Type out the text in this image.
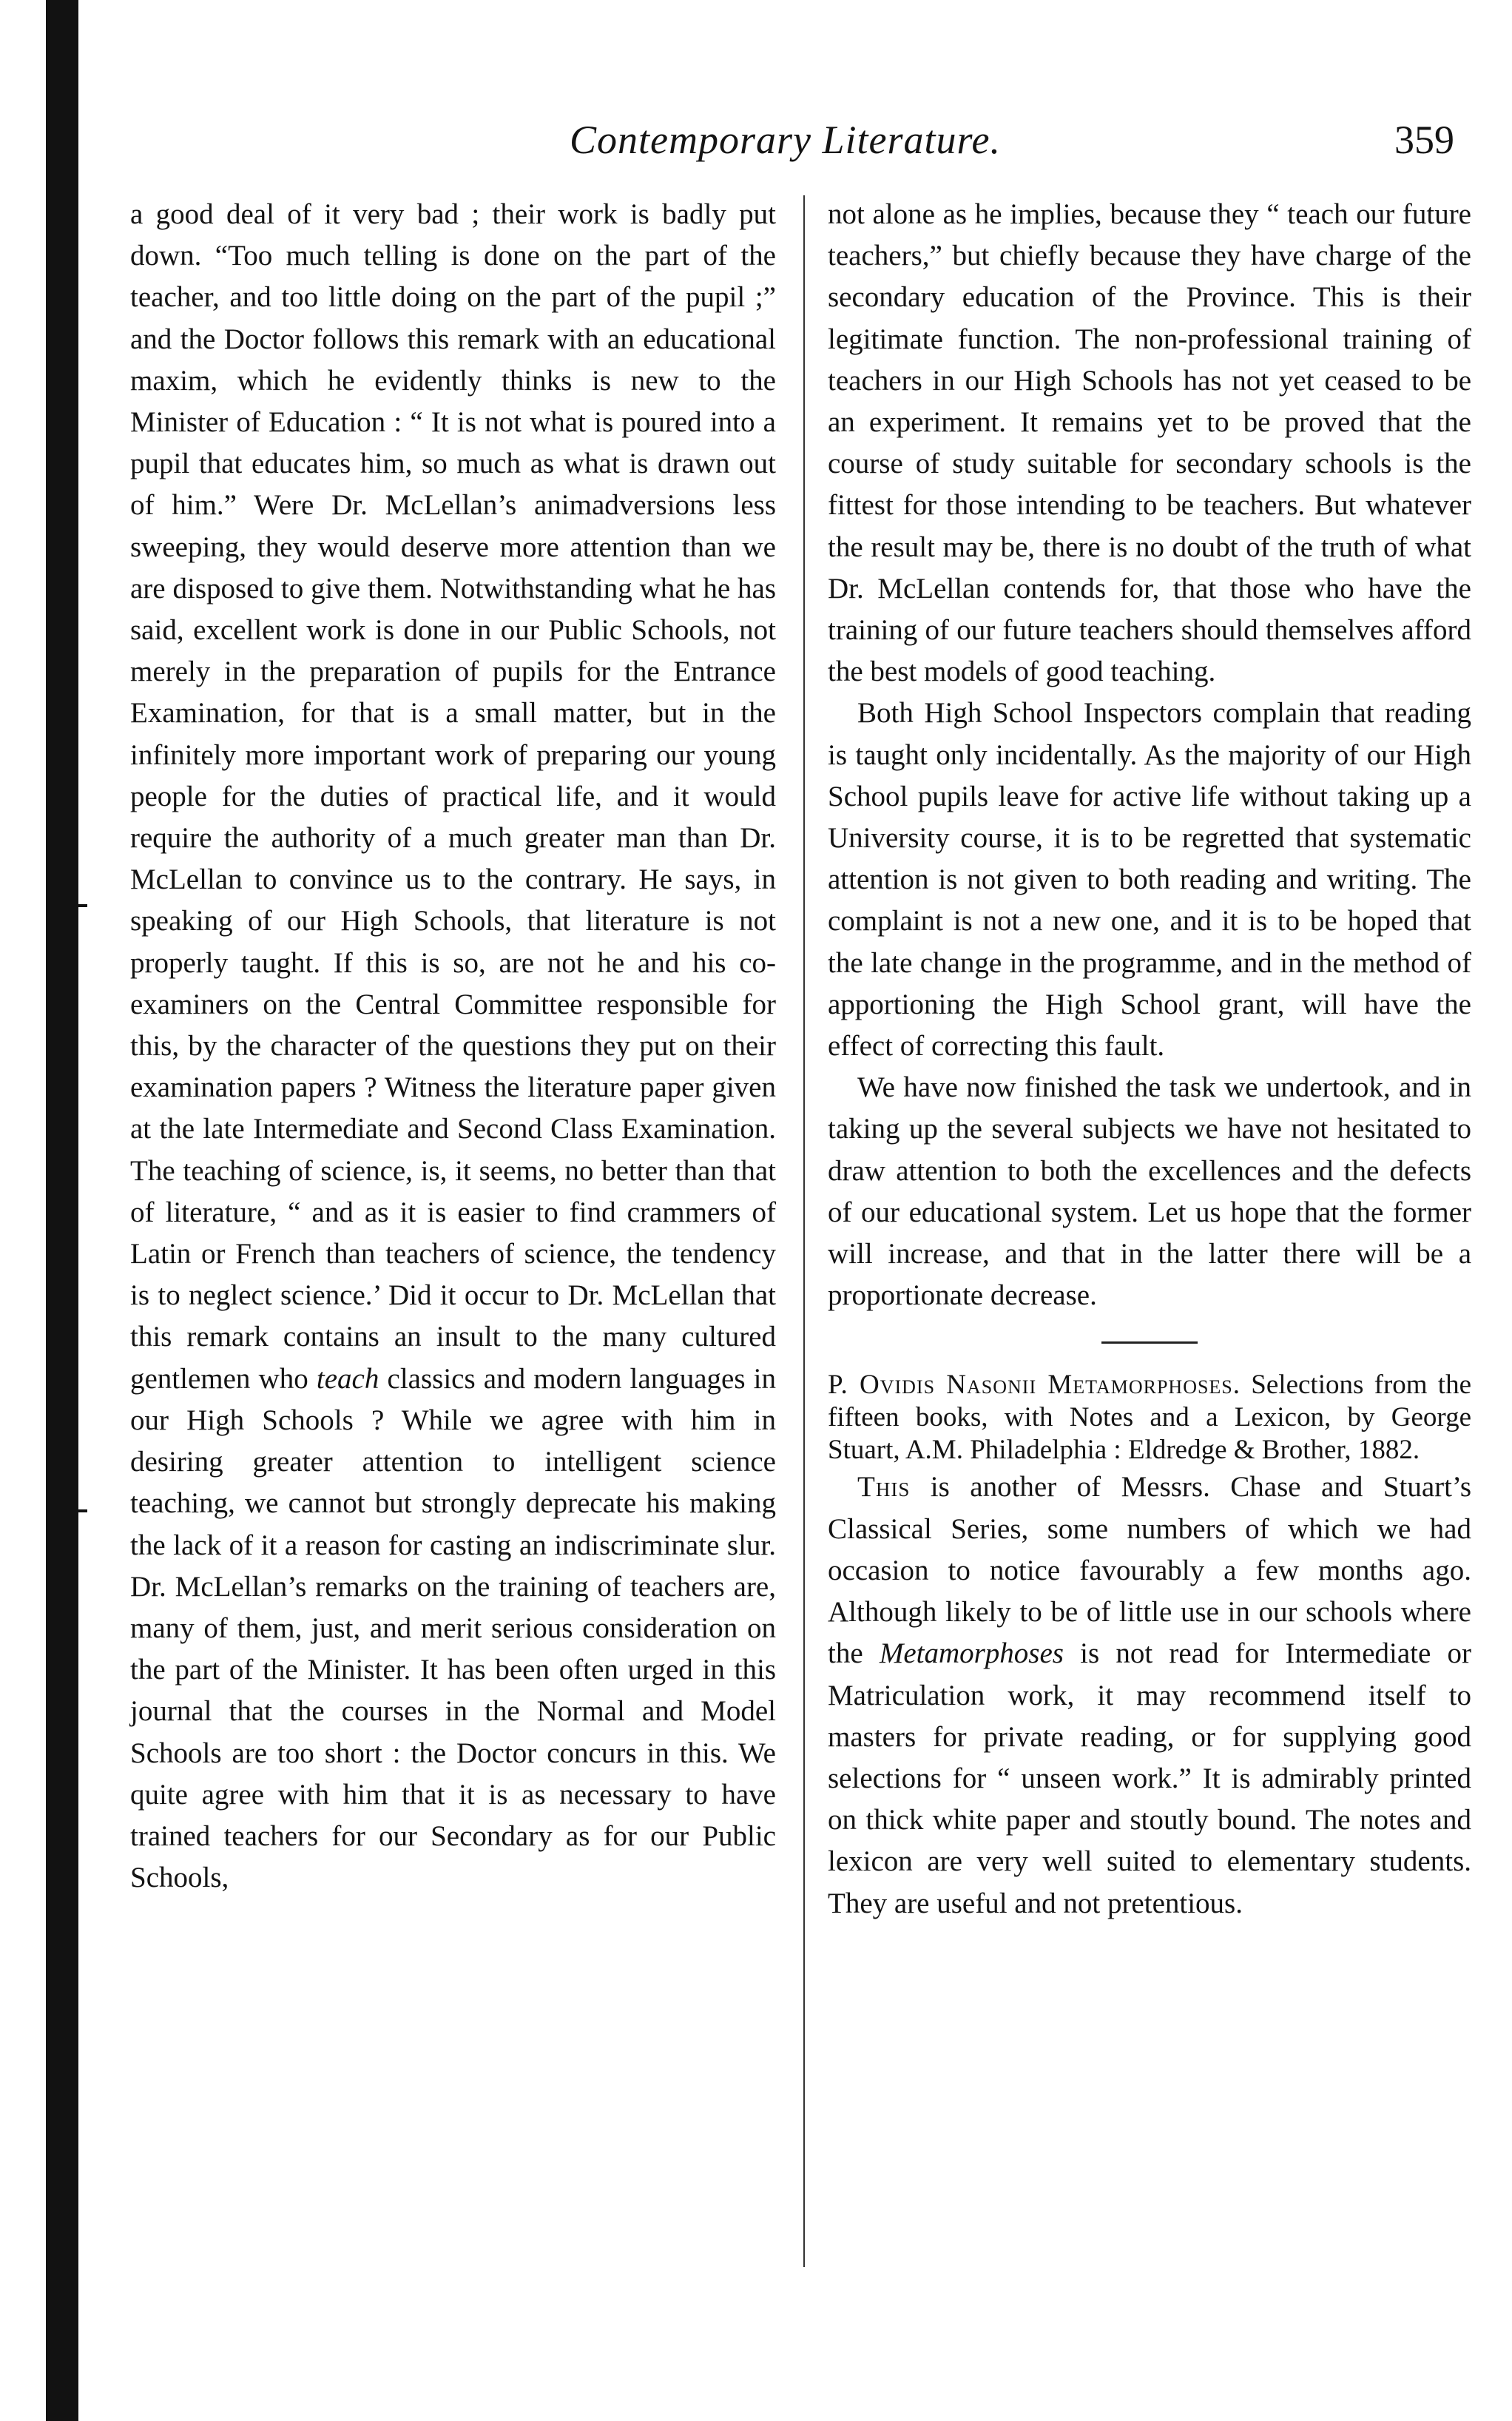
Contemporary Literature.	359

a good deal of it very bad ; their work is badly put down. “Too much telling is done on the part of the teacher, and too little doing on the part of the pupil ;” and the Doctor follows this remark with an educational maxim, which he evidently thinks is new to the Minister of Education : “ It is not what is poured into a pupil that educates him, so much as what is drawn out of him.” Were Dr. McLellan’s animadversions less sweeping, they would deserve more attention than we are disposed to give them. Notwithstanding what he has said, excellent work is done in our Public Schools, not merely in the preparation of pupils for the Entrance Examination, for that is a small matter, but in the infinitely more important work of preparing our young people for the duties of practical life, and it would require the authority of a much greater man than Dr. McLellan to convince us to the contrary. He says, in speaking of our High Schools, that literature is not properly taught. If this is so, are not he and his co-examiners on the Central Committee responsible for this, by the character of the questions they put on their examination papers ? Witness the literature paper given at the late Intermediate and Second Class Examination. The teaching of science, is, it seems, no better than that of literature, “ and as it is easier to find crammers of Latin or French than teachers of science, the tendency is to neglect science.’ Did it occur to Dr. McLellan that this remark contains an insult to the many cultured gentlemen who teach classics and modern languages in our High Schools ? While we agree with him in desiring greater attention to intelligent science teaching, we cannot but strongly deprecate his making the lack of it a reason for casting an indiscriminate slur. Dr. McLellan’s remarks on the training of teachers are, many of them, just, and merit serious consideration on the part of the Minister. It has been often urged in this journal that the courses in the Normal and Model Schools are too short : the Doctor concurs in this. We quite agree with him that it is as necessary to have trained teachers for our Secondary as for our Public Schools,

not alone as he implies, because they “ teach our future teachers,” but chiefly because they have charge of the secondary education of the Province. This is their legitimate function. The non-professional training of teachers in our High Schools has not yet ceased to be an experiment. It remains yet to be proved that the course of study suitable for secondary schools is the fittest for those intending to be teachers. But whatever the result may be, there is no doubt of the truth of what Dr. McLellan contends for, that those who have the training of our future teachers should themselves afford the best models of good teaching.

Both High School Inspectors complain that reading is taught only incidentally. As the majority of our High School pupils leave for active life without taking up a University course, it is to be regretted that systematic attention is not given to both reading and writing. The complaint is not a new one, and it is to be hoped that the late change in the programme, and in the method of apportioning the High School grant, will have the effect of correcting this fault.

We have now finished the task we undertook, and in taking up the several subjects we have not hesitated to draw attention to both the excellences and the defects of our educational system. Let us hope that the former will increase, and that in the latter there will be a proportionate decrease.

P. Ovidis Nasonii Metamorphoses. Selections from the fifteen books, with Notes and a Lexicon, by George Stuart, A.M. Philadelphia : Eldredge & Brother, 1882.

This is another of Messrs. Chase and Stuart’s Classical Series, some numbers of which we had occasion to notice favourably a few months ago. Although likely to be of little use in our schools where the Metamorphoses is not read for Intermediate or Matriculation work, it may recommend itself to masters for private reading, or for supplying good selections for “ unseen work.” It is admirably printed on thick white paper and stoutly bound. The notes and lexicon are very well suited to elementary students. They are useful and not pretentious.
